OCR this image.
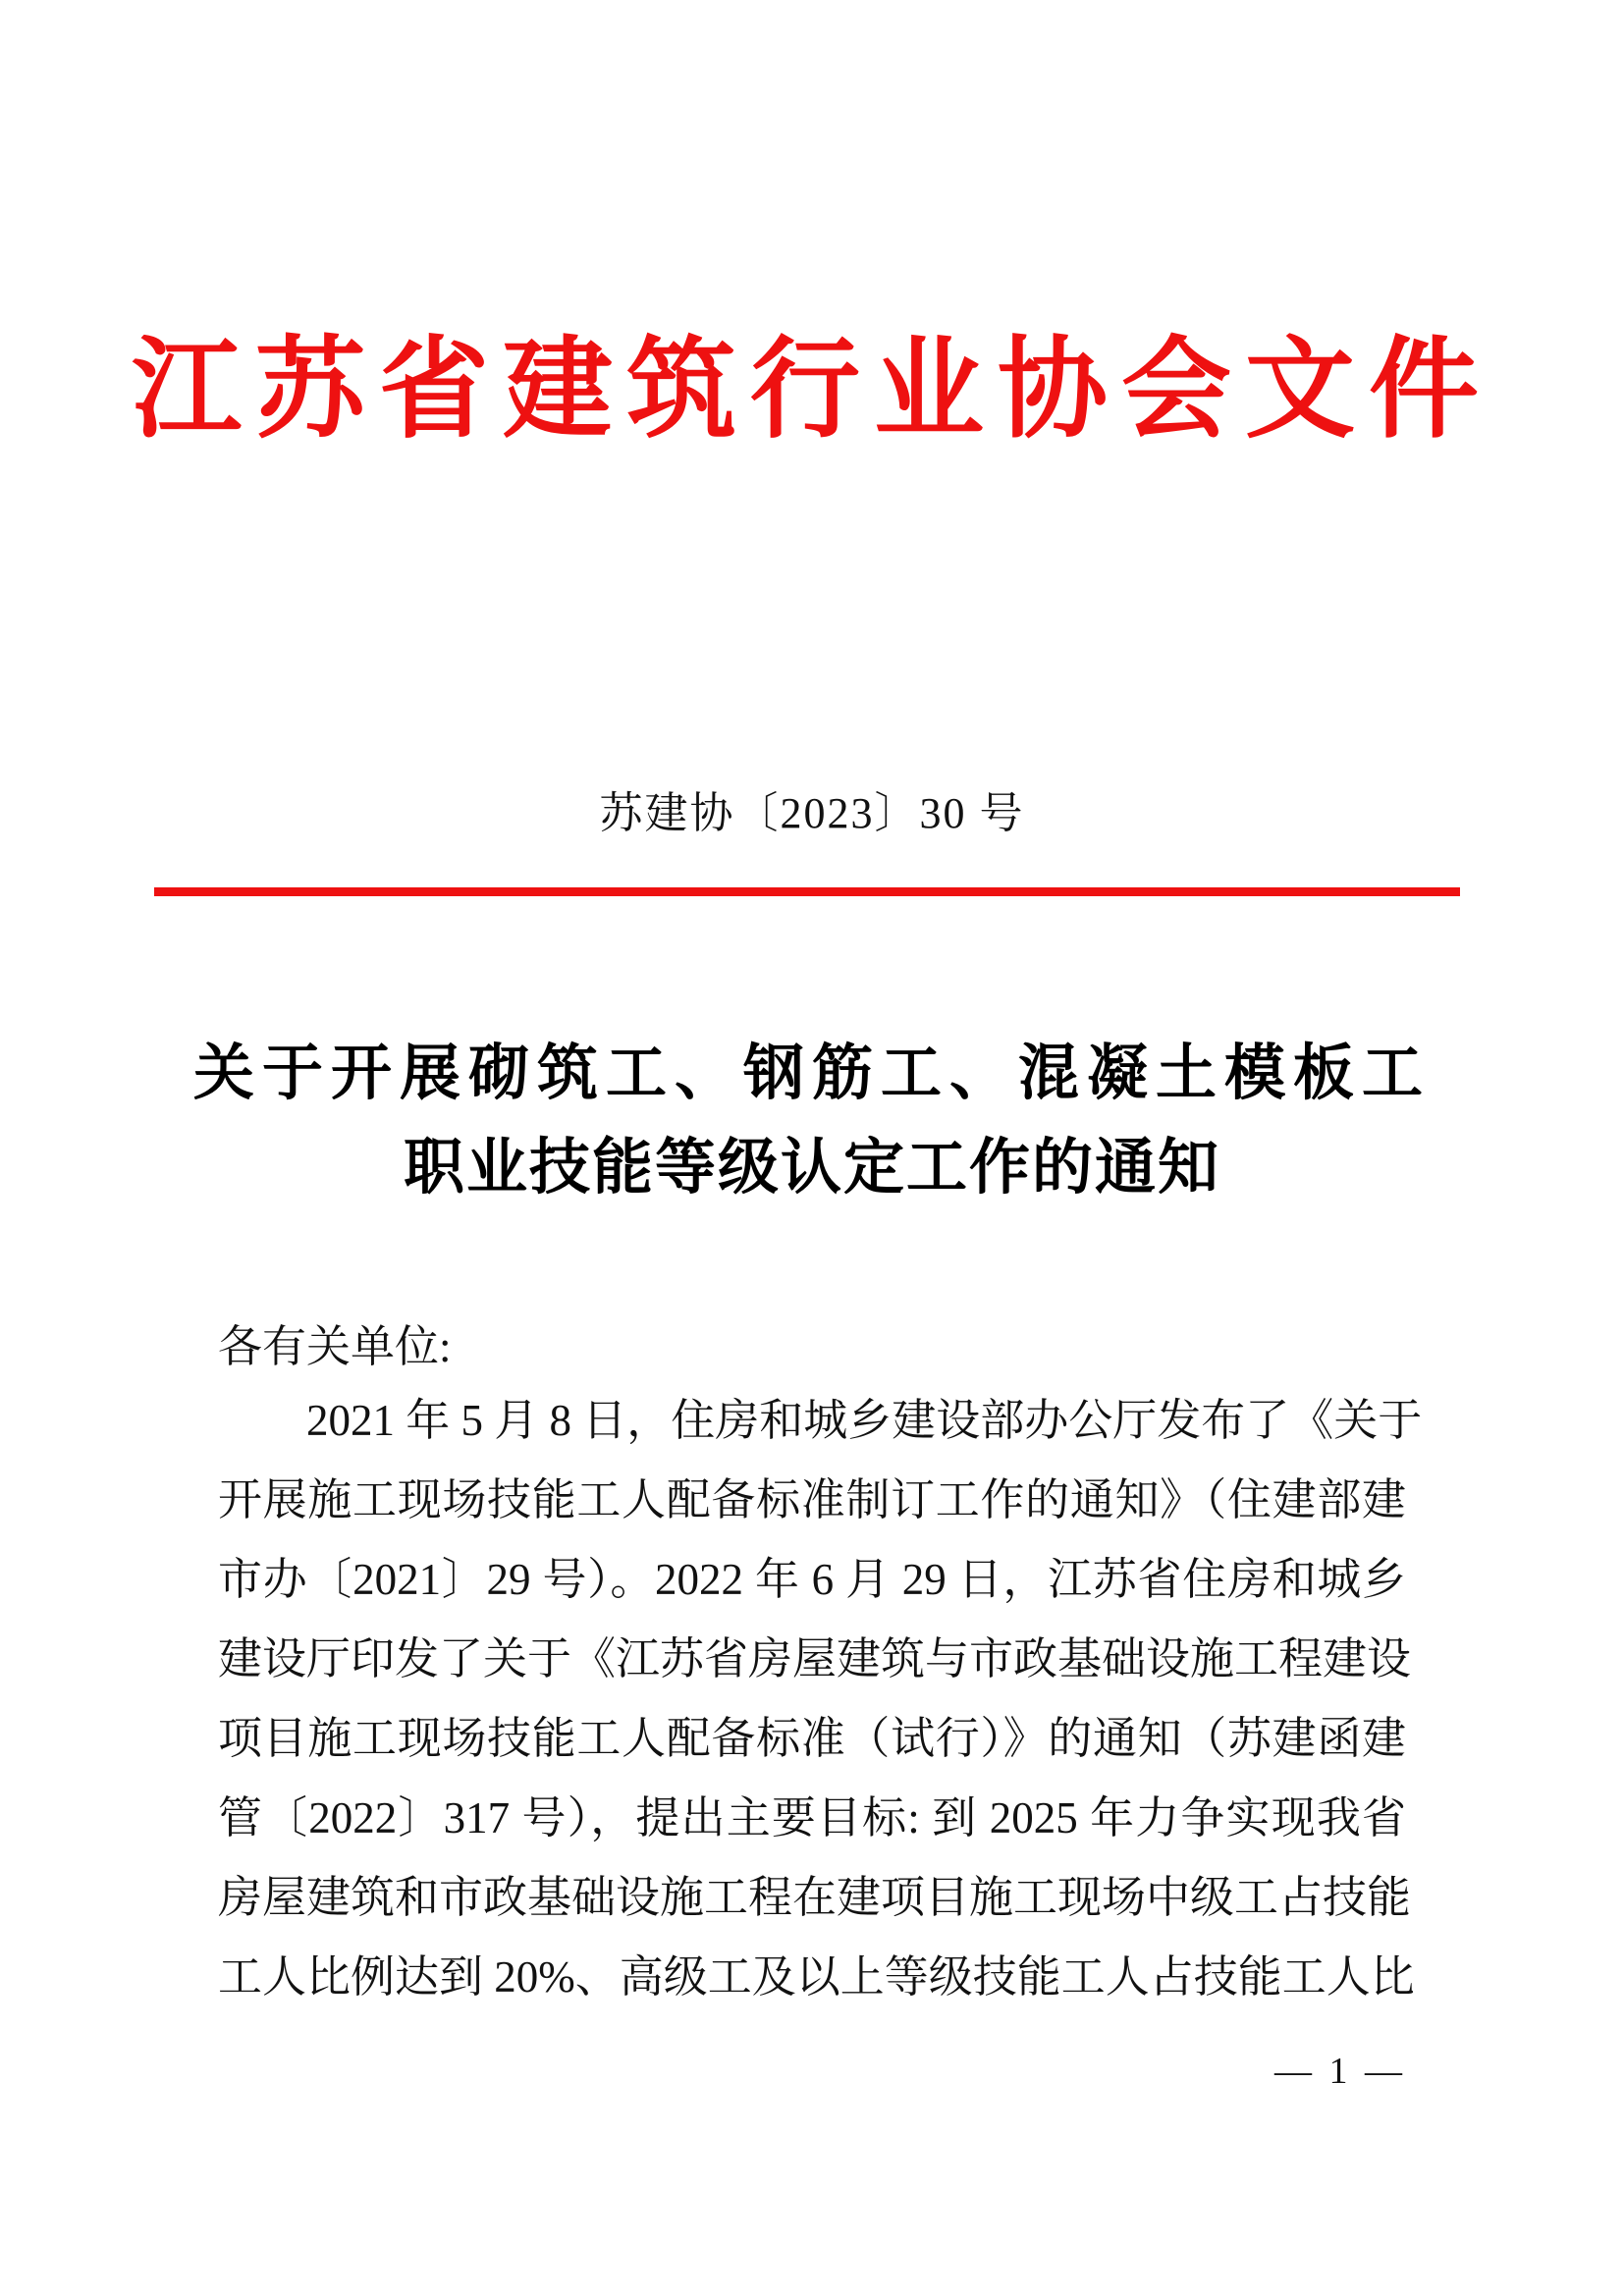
江苏省建筑行业协会文件
苏建协〔2023〕30 号
关于开展砌筑工、钢筋工、混凝土模板工
职业技能等级认定工作的通知
各有关单位:
2021 年 5 月 8 日，住房和城乡建设部办公厅发布了《关于
开展施工现场技能工人配备标准制订工作的通知》（住建部建
市办〔2021〕29 号）。2022 年 6 月 29 日，江苏省住房和城乡
建设厅印发了关于《江苏省房屋建筑与市政基础设施工程建设
项目施工现场技能工人配备标准（试行）》的通知（苏建函建
管〔2022〕317 号），提出主要目标: 到 2025 年力争实现我省
房屋建筑和市政基础设施工程在建项目施工现场中级工占技能
工人比例达到 20%、高级工及以上等级技能工人占技能工人比
— 1 —
